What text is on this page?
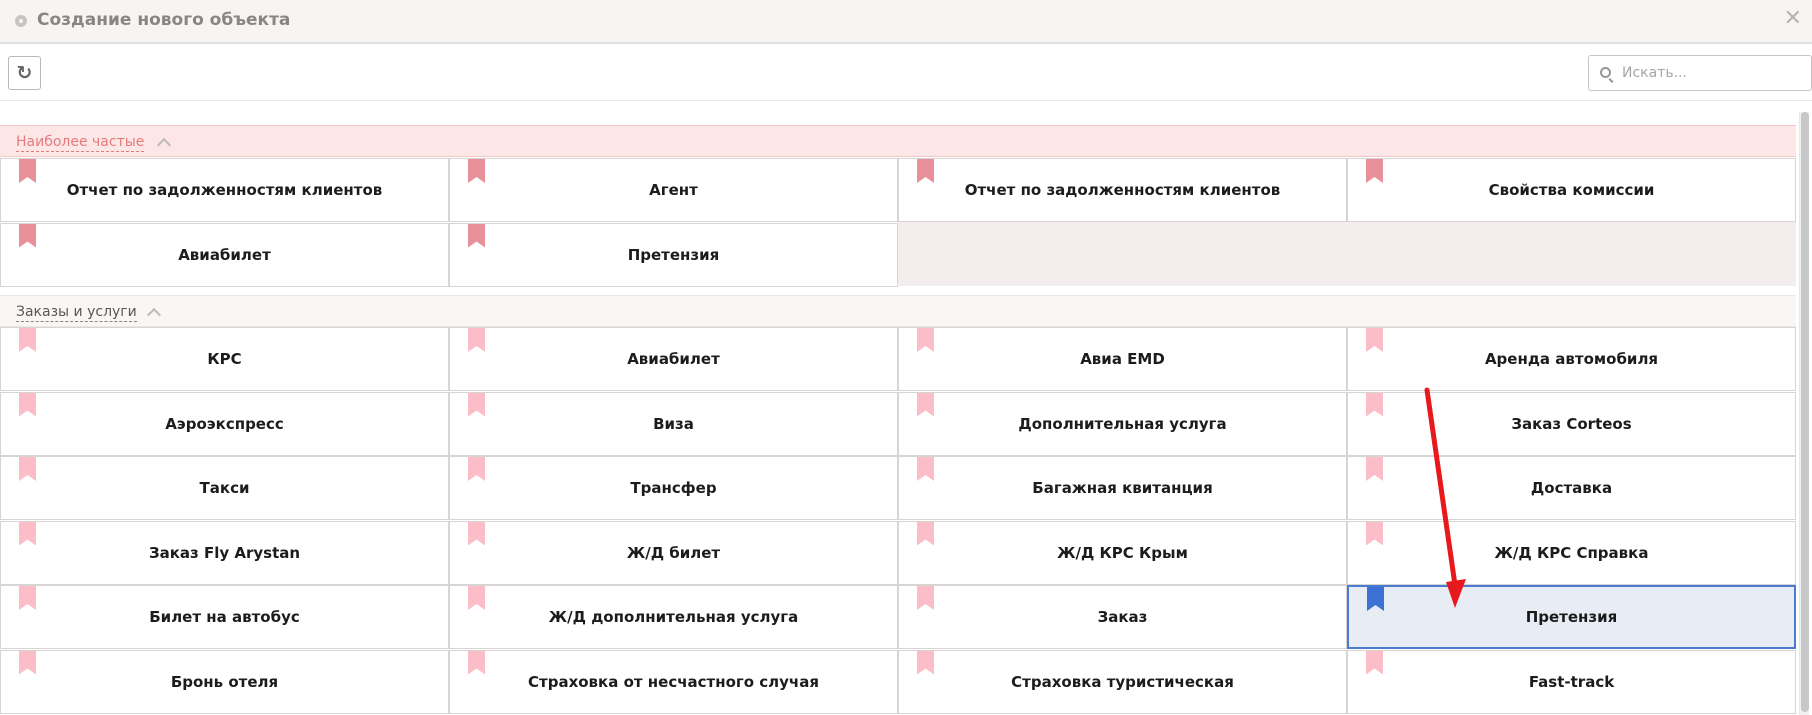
Создание нового объекта	✕
↻
Искать...
Наиболее частые
Отчет по задолженностям клиентов	Агент	Отчет по задолженностям клиентов	Свойства комиссии
Авиабилет	Претензия
Заказы и услуги
КРС	Авиабилет	Авиа EMD	Аренда автомобиля
Аэроэкспресс	Виза	Дополнительная услуга	Заказ Corteos
Такси	Трансфер	Багажная квитанция	Доставка
Заказ Fly Arystan	Ж/Д билет	Ж/Д КРС Крым	Ж/Д КРС Справка
Билет на автобус	Ж/Д дополнительная услуга	Заказ	Претензия
Бронь отеля	Страховка от несчастного случая	Страховка туристическая	Fast-track
